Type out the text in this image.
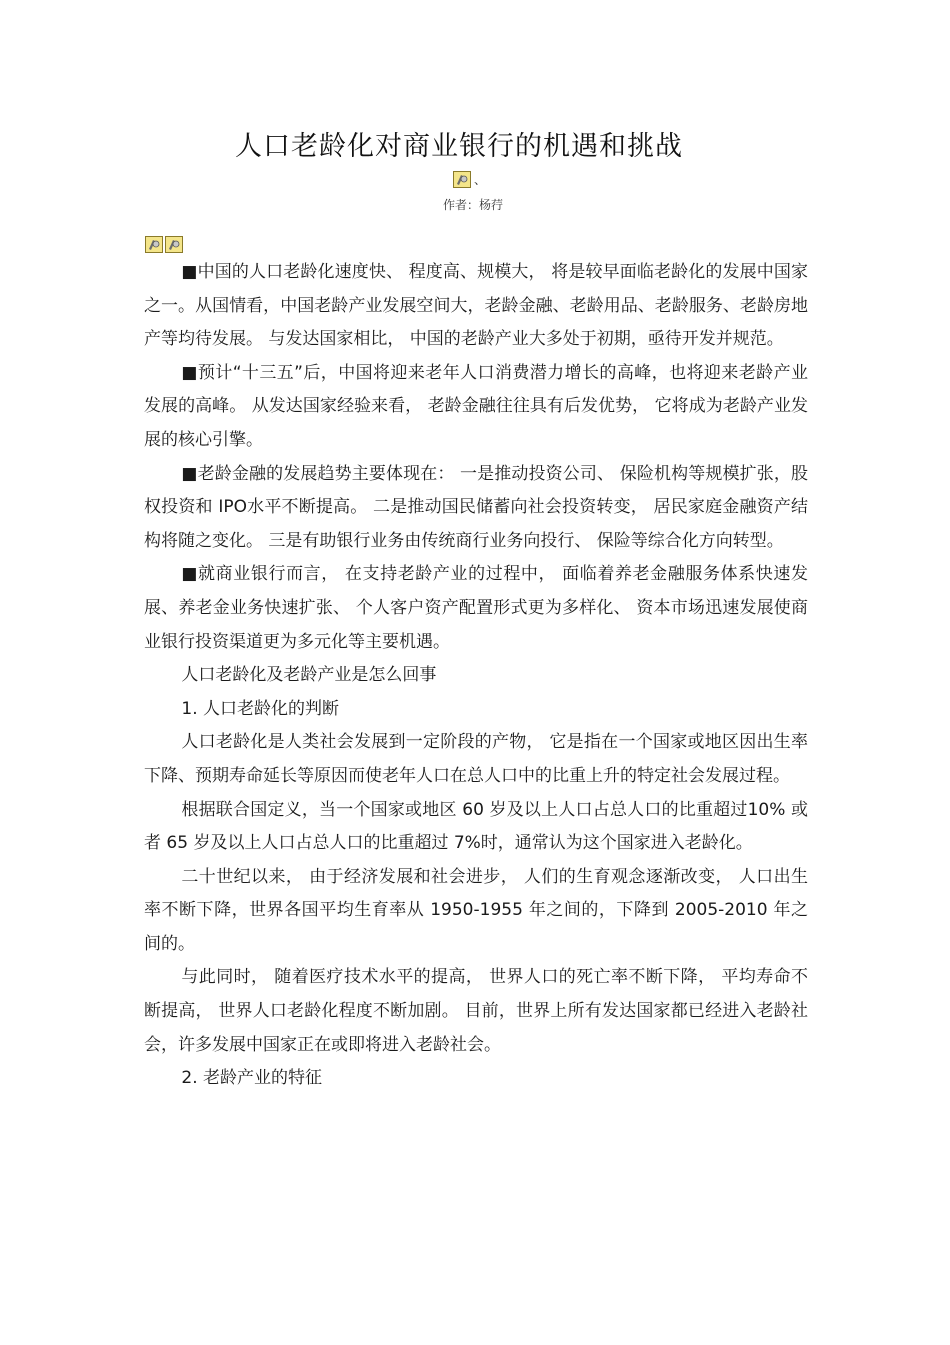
人口老龄化对商业银行的机遇和挑战
、
作者：杨荇

■中国的人口老龄化速度快、 程度高、规模大， 将是较早面临老龄化的发展中国家之一。从国情看，中国老龄产业发展空间大，老龄金融、老龄用品、老龄服务、老龄房地产等均待发展。 与发达国家相比， 中国的老龄产业大多处于初期，亟待开发并规范。

■预计“十三五”后，中国将迎来老年人口消费潜力增长的高峰，也将迎来老龄产业发展的高峰。 从发达国家经验来看， 老龄金融往往具有后发优势， 它将成为老龄产业发展的核心引擎。

■老龄金融的发展趋势主要体现在： 一是推动投资公司、 保险机构等规模扩张，股权投资和 IPO水平不断提高。 二是推动国民储蓄向社会投资转变， 居民家庭金融资产结构将随之变化。 三是有助银行业务由传统商行业务向投行、 保险等综合化方向转型。

■就商业银行而言， 在支持老龄产业的过程中， 面临着养老金融服务体系快速发展、养老金业务快速扩张、 个人客户资产配置形式更为多样化、 资本市场迅速发展使商业银行投资渠道更为多元化等主要机遇。

人口老龄化及老龄产业是怎么回事

1. 人口老龄化的判断

人口老龄化是人类社会发展到一定阶段的产物， 它是指在一个国家或地区因出生率下降、预期寿命延长等原因而使老年人口在总人口中的比重上升的特定社会发展过程。

根据联合国定义，当一个国家或地区 60 岁及以上人口占总人口的比重超过10% 或者 65 岁及以上人口占总人口的比重超过 7%时，通常认为这个国家进入老龄化。

二十世纪以来， 由于经济发展和社会进步， 人们的生育观念逐渐改变， 人口出生率不断下降，世界各国平均生育率从 1950-1955 年之间的，下降到 2005-2010 年之间的。

与此同时， 随着医疗技术水平的提高， 世界人口的死亡率不断下降， 平均寿命不断提高， 世界人口老龄化程度不断加剧。 目前，世界上所有发达国家都已经进入老龄社会，许多发展中国家正在或即将进入老龄社会。

2. 老龄产业的特征
